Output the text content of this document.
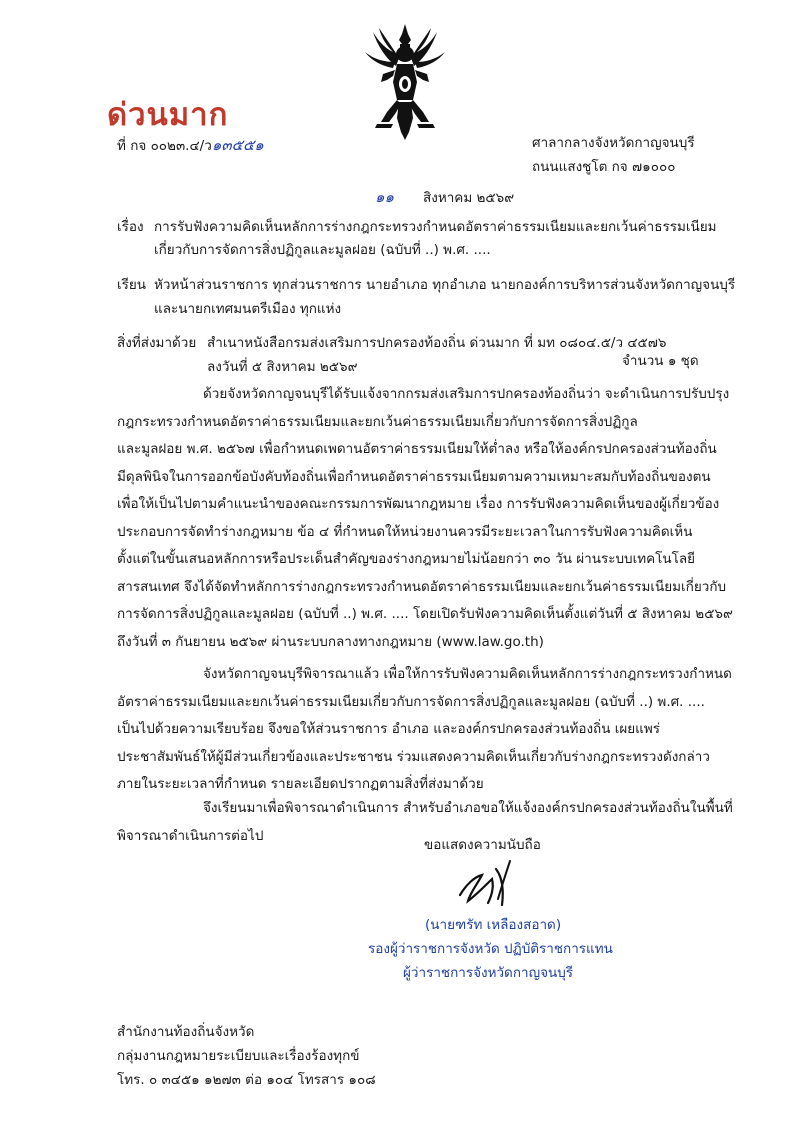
ด่วนมาก
ที่ กจ ๐๐๒๓.๔/ว๑๓๕๕๑	ศาลากลางจังหวัดกาญจนบุรี
ถนนแสงชูโต กจ ๗๑๐๐๐
๑๑ สิงหาคม ๒๕๖๙
เรื่อง การรับฟังความคิดเห็นหลักการร่างกฎกระทรวงกำหนดอัตราค่าธรรมเนียมและยกเว้นค่าธรรมเนียม
เกี่ยวกับการจัดการสิ่งปฏิกูลและมูลฝอย (ฉบับที่ ..) พ.ศ. ....
เรียน หัวหน้าส่วนราชการ ทุกส่วนราชการ นายอำเภอ ทุกอำเภอ นายกองค์การบริหารส่วนจังหวัดกาญจนบุรี
และนายกเทศมนตรีเมือง ทุกแห่ง
สิ่งที่ส่งมาด้วย สำเนาหนังสือกรมส่งเสริมการปกครองท้องถิ่น ด่วนมาก ที่ มท ๐๘๐๔.๕/ว ๔๕๗๖
ลงวันที่ ๕ สิงหาคม ๒๕๖๙	จำนวน ๑ ชุด
ด้วยจังหวัดกาญจนบุรีได้รับแจ้งจากกรมส่งเสริมการปกครองท้องถิ่นว่า จะดำเนินการปรับปรุง
กฎกระทรวงกำหนดอัตราค่าธรรมเนียมและยกเว้นค่าธรรมเนียมเกี่ยวกับการจัดการสิ่งปฏิกูล
และมูลฝอย พ.ศ. ๒๕๖๗ เพื่อกำหนดเพดานอัตราค่าธรรมเนียมให้ต่ำลง หรือให้องค์กรปกครองส่วนท้องถิ่น
มีดุลพินิจในการออกข้อบังคับท้องถิ่นเพื่อกำหนดอัตราค่าธรรมเนียมตามความเหมาะสมกับท้องถิ่นของตน
เพื่อให้เป็นไปตามคำแนะนำของคณะกรรมการพัฒนากฎหมาย เรื่อง การรับฟังความคิดเห็นของผู้เกี่ยวข้อง
ประกอบการจัดทำร่างกฎหมาย ข้อ ๔ ที่กำหนดให้หน่วยงานควรมีระยะเวลาในการรับฟังความคิดเห็น
ตั้งแต่ในขั้นเสนอหลักการหรือประเด็นสำคัญของร่างกฎหมายไม่น้อยกว่า ๓๐ วัน ผ่านระบบเทคโนโลยี
สารสนเทศ จึงได้จัดทำหลักการร่างกฎกระทรวงกำหนดอัตราค่าธรรมเนียมและยกเว้นค่าธรรมเนียมเกี่ยวกับ
การจัดการสิ่งปฏิกูลและมูลฝอย (ฉบับที่ ..) พ.ศ. .... โดยเปิดรับฟังความคิดเห็นตั้งแต่วันที่ ๕ สิงหาคม ๒๕๖๙
ถึงวันที่ ๓ กันยายน ๒๕๖๙ ผ่านระบบกลางทางกฎหมาย (www.law.go.th)
จังหวัดกาญจนบุรีพิจารณาแล้ว เพื่อให้การรับฟังความคิดเห็นหลักการร่างกฎกระทรวงกำหนด
อัตราค่าธรรมเนียมและยกเว้นค่าธรรมเนียมเกี่ยวกับการจัดการสิ่งปฏิกูลและมูลฝอย (ฉบับที่ ..) พ.ศ. ....
เป็นไปด้วยความเรียบร้อย จึงขอให้ส่วนราชการ อำเภอ และองค์กรปกครองส่วนท้องถิ่น เผยแพร่
ประชาสัมพันธ์ให้ผู้มีส่วนเกี่ยวข้องและประชาชน ร่วมแสดงความคิดเห็นเกี่ยวกับร่างกฎกระทรวงดังกล่าว
ภายในระยะเวลาที่กำหนด รายละเอียดปรากฏตามสิ่งที่ส่งมาด้วย
จึงเรียนมาเพื่อพิจารณาดำเนินการ สำหรับอำเภอขอให้แจ้งองค์กรปกครองส่วนท้องถิ่นในพื้นที่
พิจารณาดำเนินการต่อไป
ขอแสดงความนับถือ
(นายฑรัท เหลืองสอาด)
รองผู้ว่าราชการจังหวัด ปฏิบัติราชการแทน
ผู้ว่าราชการจังหวัดกาญจนบุรี
สำนักงานท้องถิ่นจังหวัด
กลุ่มงานกฎหมายระเบียบและเรื่องร้องทุกข์
โทร. ๐ ๓๔๕๑ ๑๒๗๓ ต่อ ๑๐๔ โทรสาร ๑๐๘
